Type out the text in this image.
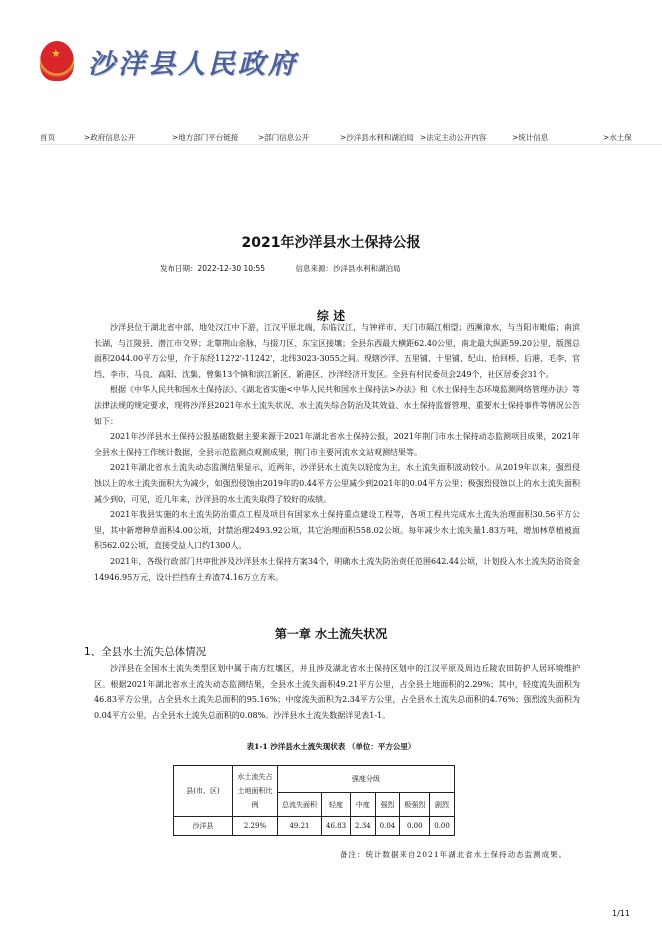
★
沙洋县人民政府
首页	>政府信息公开	>地方部门平台链接	>部门信息公开	>沙洋县水利和湖泊局 >法定主动公开内容	>统计信息	>水土保
2021年沙洋县水土保持公报
发布日期：2022-12-30 10:55	信息来源：沙洋县水利和湖泊局
综 述

沙洋县位于湖北省中部，地处汉江中下游，江汉平原北端，东临汉江，与钟祥市、天门市隔江相望；西濒漳水，与当阳市毗临；南滨长湖，与江陵县、潜江市交界；北靠荆山余脉，与掇刀区、东宝区接壤；全县东西最大横距62.40公里，南北最大纵距59.20公里，版图总面积2044.00平方公里，介于东经112?2'-11242'，北纬3023-3055之间。现辖沙洋、五里铺、十里铺、纪山、拾回桥、后港、毛李、官垱、李市、马良、高阳、沈集、曾集13个镇和滨江新区、新港区、沙洋经济开发区。全县有村民委员会249个，社区居委会31个。

根据《中华人民共和国水土保持法》、《湖北省实施<中华人民共和国水土保持法>办法》和《水土保持生态环境监测网络管理办法》等法律法规的规定要求，现将沙洋县2021年水土流失状况、水土流失综合防治及其效益、水土保持监督管理、重要水土保持事件等情况公告如下：

2021年沙洋县水土保持公报基础数据主要来源于2021年湖北省水土保持公报，2021年荆门市水土保持动态监测项目成果，2021年全县水土保持工作统计数据，全县示范监测点观测成果，荆门市主要河流水文站观测结果等。

2021年湖北省水土流失动态监测结果显示，近两年，沙洋县水土流失以轻度为主，水土流失面积波动较小。从2019年以来，强烈侵蚀以上的水土流失面积大为减少，如强烈侵蚀由2019年的0.44平方公里减少到2021年的0.04平方公里；极强烈侵蚀以上的水土流失面积减少到0，可见，近几年来，沙洋县的水土流失取得了较好的成绩。

2021年我县实施的水土流失防治重点工程及项目有国家水土保持重点建设工程等，各项工程共完成水土流失治理面积30.56平方公里，其中新增种草面积4.00公顷，封禁治理2493.92公顷，其它治理面积558.02公顷。每年减少水土流失量1.83万吨，增加林草植被面积562.02公顷，直接受益人口约1300人。

2021年，各级行政部门共审批涉及沙洋县水土保持方案34个，明确水土流失防治责任范围642.44公顷，计划投入水土流失防治资金14946.95万元，设计拦挡弃土弃渣74.16万立方米。

第一章 水土流失状况
1、全县水土流失总体情况

沙洋县在全国水土流失类型区划中属于南方红壤区，并且涉及湖北省水土保持区划中的江汉平原及周边丘陵农田防护人居环境维护区。根据2021年湖北省水土流失动态监测结果，全县水土流失面积49.21平方公里，占全县土地面积的2.29%；其中，轻度流失面积为46.83平方公里，占全县水土流失总面积的95.16%；中度流失面积为2.34平方公里，占全县水土流失总面积的4.76%；强烈流失面积为0.04平方公里，占全县水土流失总面积的0.08%。沙洋县水土流失数据详见表1-1。

表1-1 沙洋县水土流失现状表 （单位：平方公里）
县(市、区)	水土流失占土地面积比例	强度分级					
		总流失面积	轻度	中度	强烈	极强烈	剧烈
沙洋县	2.29%	49.21	46.83	2.34	0.04	0.00	0.00
备注：统计数据来自2021年湖北省水土保持动态监测成果。
1/11
